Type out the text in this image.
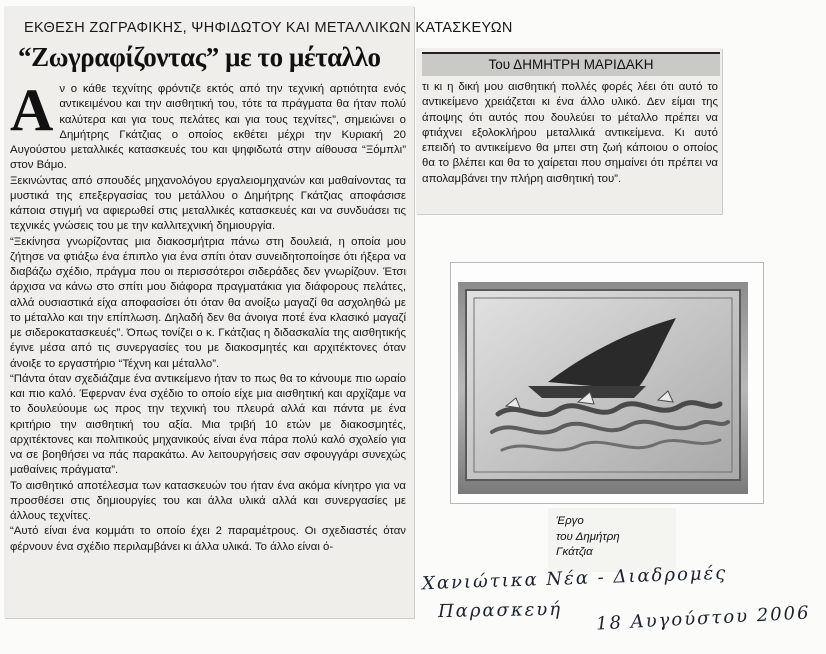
ΕΚΘΕΣΗ ΖΩΓΡΑΦΙΚΗΣ, ΨΗΦΙΔΩΤΟΥ ΚΑΙ ΜΕΤΑΛΛΙΚΩΝ ΚΑΤΑΣΚΕΥΩΝ
“Ζωγραφίζοντας” με το μέταλλο	Του ΔΗΜΗΤΡΗ ΜΑΡΙΔΑΚΗ

Αν ο κάθε τεχνίτης φρόντιζε εκτός από την τεχνική αρτιότητα ενός αντικειμένου και την αισθητική του, τότε τα πράγματα θα ήταν πολύ καλύτερα και για τους πελάτες και για τους τεχνίτες”, σημειώνει ο Δημήτρης Γκάτζιας ο οποίος εκθέτει μέχρι την Κυριακή 20 Αυγούστου μεταλλικές κατασκευές του και ψηφιδωτά στην αίθουσα “Ξόμπλι” στον Βάμο.

Ξεκινώντας από σπουδές μηχανολόγου εργαλειομηχανών και μαθαίνοντας τα μυστικά της επεξεργασίας του μετάλλου ο Δημήτρης Γκάτζιας αποφάσισε κάποια στιγμή να αφιερωθεί στις μεταλλικές κατασκευές και να συνδυάσει τις τεχνικές γνώσεις του με την καλλιτεχνική δημιουργία.

“Ξεκίνησα γνωρίζοντας μια διακοσμήτρια πάνω στη δουλειά, η οποία μου ζήτησε να φτιάξω ένα έπιπλο για ένα σπίτι όταν συνειδητοποίησε ότι ήξερα να διαβάζω σχέδιο, πράγμα που οι περισσότεροι σιδεράδες δεν γνωρίζουν. Έτσι άρχισα να κάνω στο σπίτι μου διάφορα πραγματάκια για διάφορους πελάτες, αλλά ουσιαστικά είχα αποφασίσει ότι όταν θα ανοίξω μαγαζί θα ασχοληθώ με το μέταλλο και την επίπλωση. Δηλαδή δεν θα άνοιγα ποτέ ένα κλασικό μαγαζί με σιδεροκατασκευές”. Όπως τονίζει ο κ. Γκάτζιας η διδασκαλία της αισθητικής έγινε μέσα από τις συνεργασίες του με διακοσμητές και αρχιτέκτονες όταν άνοιξε το εργαστήριο “Τέχνη και μέταλλο”.

“Πάντα όταν σχεδιάζαμε ένα αντικείμενο ήταν το πως θα το κάνουμε πιο ωραίο και πιο καλό. Έφερναν ένα σχέδιο το οποίο είχε μια αισθητική και αρχίζαμε να το δουλεύουμε ως προς την τεχνική του πλευρά αλλά και πάντα με ένα κριτήριο την αισθητική του αξία. Μια τριβή 10 ετών με διακοσμητές, αρχιτέκτονες και πολιτικούς μηχανικούς είναι ένα πάρα πολύ καλό σχολείο για να σε βοηθήσει να πάς παρακάτω. Αν λειτουργήσεις σαν σφουγγάρι συνεχώς μαθαίνεις πράγματα”.

Το αισθητικό αποτέλεσμα των κατασκευών του ήταν ένα ακόμα κίνητρο για να προσθέσει στις δημιουργίες του και άλλα υλικά αλλά και συνεργασίες με άλλους τεχνίτες.

“Αυτό είναι ένα κομμάτι το οποίο έχει 2 παραμέτρους. Οι σχεδιαστές όταν φέρνουν ένα σχέδιο περιλαμβάνει κι άλλα υλικά. Το άλλο είναι ό-

τι κι η δική μου αισθητική πολλές φορές λέει ότι αυτό το αντικείμενο χρειάζεται κι ένα άλλο υλικό. Δεν είμαι της άποψης ότι αυτός που δουλεύει το μέταλλο πρέπει να φτιάχνει εξολοκλήρου μεταλλικά αντικείμενα. Κι αυτό επειδή το αντικείμενο θα μπει στη ζωή κάποιου ο οποίος θα το βλέπει και θα το χαίρεται που σημαίνει ότι πρέπει να απολαμβάνει την πλήρη αισθητική του”.

Έργο
του Δημήτρη
Γκάτζια
Χανιώτικα Νέα - Διαδρομές
Παρασκευή 18 Αυγούστου 2006
